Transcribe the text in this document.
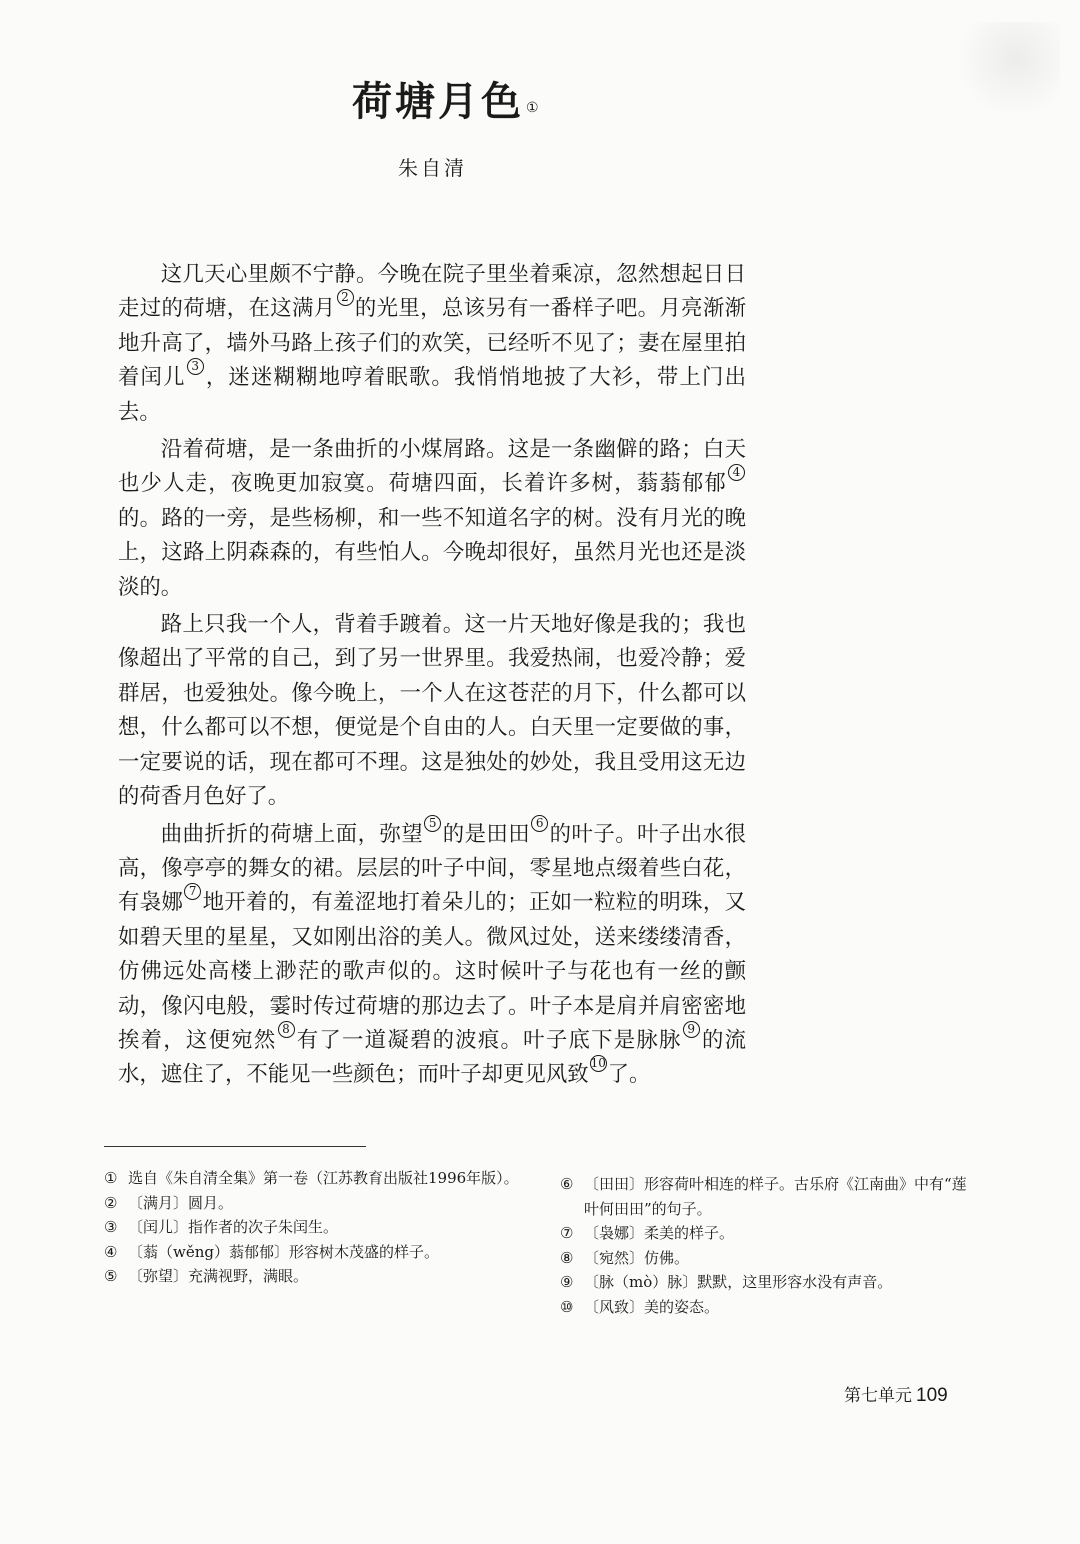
荷塘月色 ①
朱自清

这几天心里颇不宁静。今晚在院子里坐着乘凉，忽然想起日日走过的荷塘，在这满月 2 的光里，总该另有一番样子吧。月亮渐渐地升高了，墙外马路上孩子们的欢笑，已经听不见了；妻在屋里拍着闰儿 3 ，迷迷糊糊地哼着眠歌。我悄悄地披了大衫，带上门出去。

沿着荷塘，是一条曲折的小煤屑路。这是一条幽僻的路；白天也少人走，夜晚更加寂寞。荷塘四面，长着许多树，蓊蓊郁郁 4的。路的一旁，是些杨柳，和一些不知道名字的树。没有月光的晚上，这路上阴森森的，有些怕人。今晚却很好，虽然月光也还是淡淡的。

路上只我一个人，背着手踱着。这一片天地好像是我的；我也像超出了平常的自己，到了另一世界里。我爱热闹，也爱冷静；爱群居，也爱独处。像今晚上，一个人在这苍茫的月下，什么都可以想，什么都可以不想，便觉是个自由的人。白天里一定要做的事，一定要说的话，现在都可不理。这是独处的妙处，我且受用这无边的荷香月色好了。

曲曲折折的荷塘上面，弥望 5 的是田田 6 的叶子。叶子出水很高，像亭亭的舞女的裙。层层的叶子中间，零星地点缀着些白花，有袅娜 7 地开着的，有羞涩地打着朵儿的；正如一粒粒的明珠，又如碧天里的星星，又如刚出浴的美人。微风过处，送来缕缕清香，仿佛远处高楼上渺茫的歌声似的。这时候叶子与花也有一丝的颤动，像闪电般，霎时传过荷塘的那边去了。叶子本是肩并肩密密地挨着，这便宛然 8 有了一道凝碧的波痕。叶子底下是脉脉 9 的流水，遮住了，不能见一些颜色；而叶子却更见风致 10了。

① 选自《朱自清全集》第一卷（江苏教育出版社1996年版）。
② 〔满月〕圆月。
③ 〔闰儿〕指作者的次子朱闰生。
④ 〔蓊（wěng）蓊郁郁〕形容树木茂盛的样子。
⑤ 〔弥望〕充满视野，满眼。
⑥ 〔田田〕形容荷叶相连的样子。古乐府《江南曲》中有“莲叶何田田”的句子。
⑦ 〔袅娜〕柔美的样子。
⑧ 〔宛然〕仿佛。
⑨ 〔脉（mò）脉〕默默，这里形容水没有声音。
⑩ 〔风致〕美的姿态。
第七单元 109
